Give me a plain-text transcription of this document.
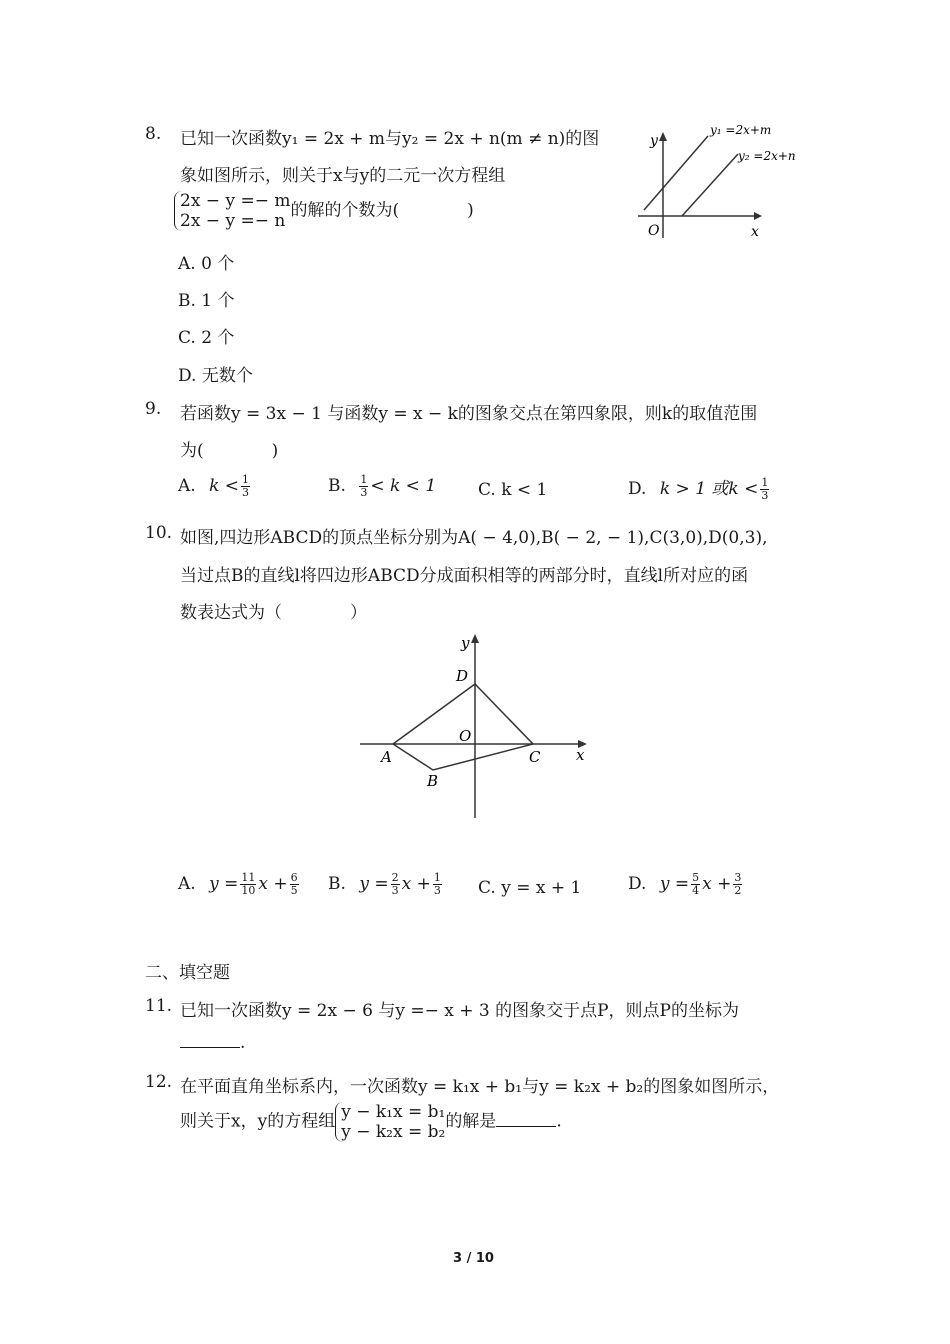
8. 已知一次函数y₁ = 2x + m与y₂ = 2x + n(m ≠ n)的图
象如图所示，则关于x与y的二元一次方程组
2x − y =− m
2x − y =− n
的解的个数为(　　　　)
A. 0 个
B. 1 个
C. 2 个
D. 无数个
y
x
O
y₁ =2x+m
y₂ =2x+n
9. 若函数y = 3x − 1 与函数y = x − k的图象交点在第四象限，则k的取值范围
为(　　　　)
A. $k < \frac{1}{3}$	B. $\frac{1}{3} < k < 1$ C. k < 1	D. k > 1 或$k < \frac{1}{3}$
10. 如图,四边形ABCD的顶点坐标分别为A( − 4,0),B( − 2, − 1),C(3,0),D(0,3),
当过点B的直线l将四边形ABCD分成面积相等的两部分时，直线l所对应的函
数表达式为（　　　　）
y
x
O
A
B
C
D
A. $y = \frac{11}{10}$ $x + \frac{6}{5} B$. $y = \frac{2}{3}$ $x + \frac{1}{3} C$. y = x + 1	D. $y = \frac{5}{4}$ $x + \frac{3}{2}$
二、填空题
11. 已知一次函数y = 2x − 6 与y =− x + 3 的图象交于点P，则点P的坐标为
.
12. 在平面直角坐标系内，一次函数y = k₁x + b₁与y = k₂x + b₂的图象如图所示，
则关于x，y的方程组 y − k₁x = b₁
y − k₂x = b₂
的解是	.
3 / 10
